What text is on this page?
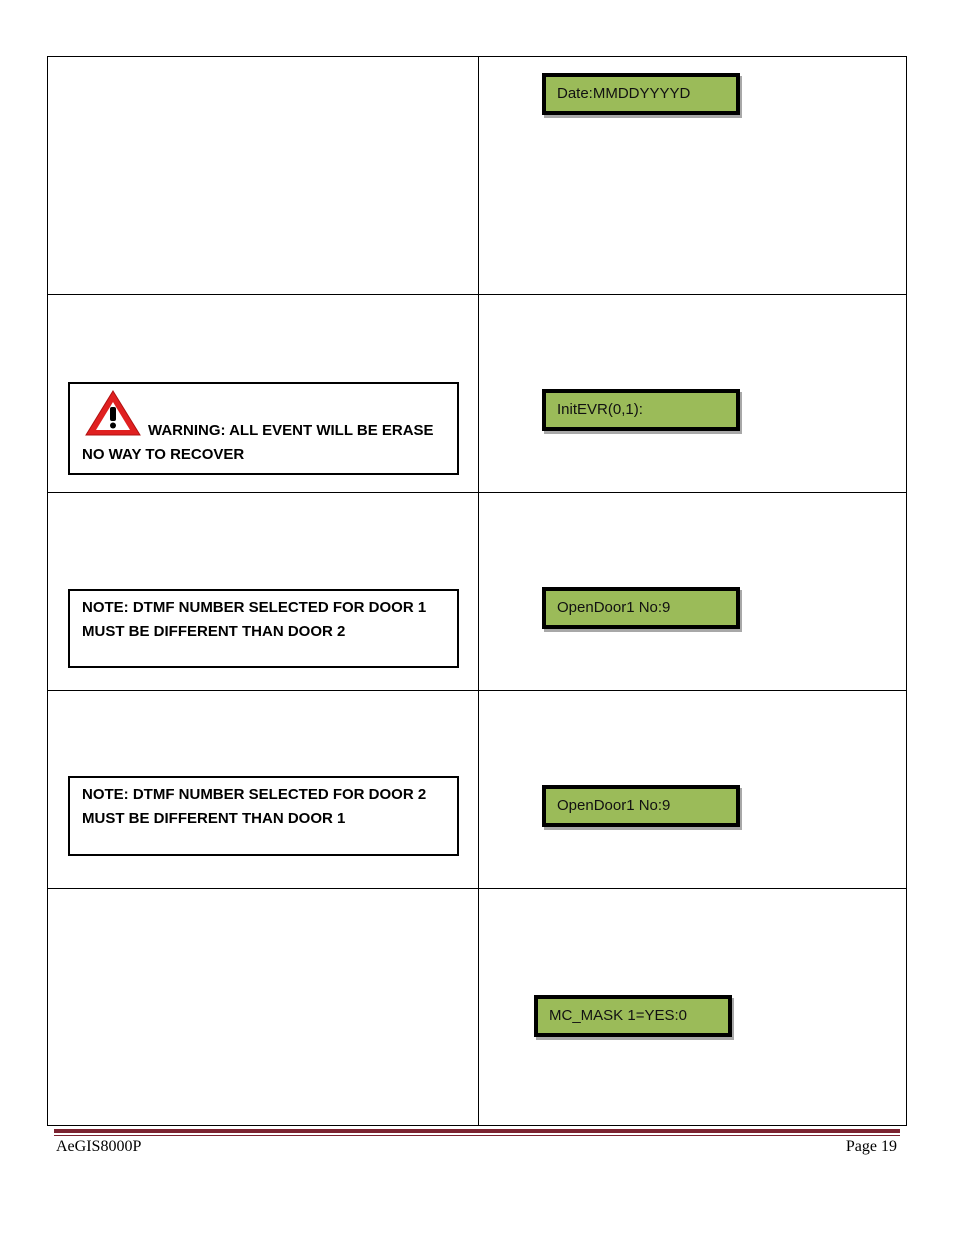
Date:MMDDYYYYD
InitEVR(0,1):
OpenDoor1 No:9
OpenDoor1 No:9
MC_MASK 1=YES:0
WARNING: ALL EVENT WILL BE ERASE NO WAY TO RECOVER
NOTE: DTMF NUMBER SELECTED FOR DOOR 1
MUST BE DIFFERENT THAN DOOR 2
NOTE: DTMF NUMBER SELECTED FOR DOOR 2
MUST BE DIFFERENT THAN DOOR 1
AeGIS8000P	Page 19
